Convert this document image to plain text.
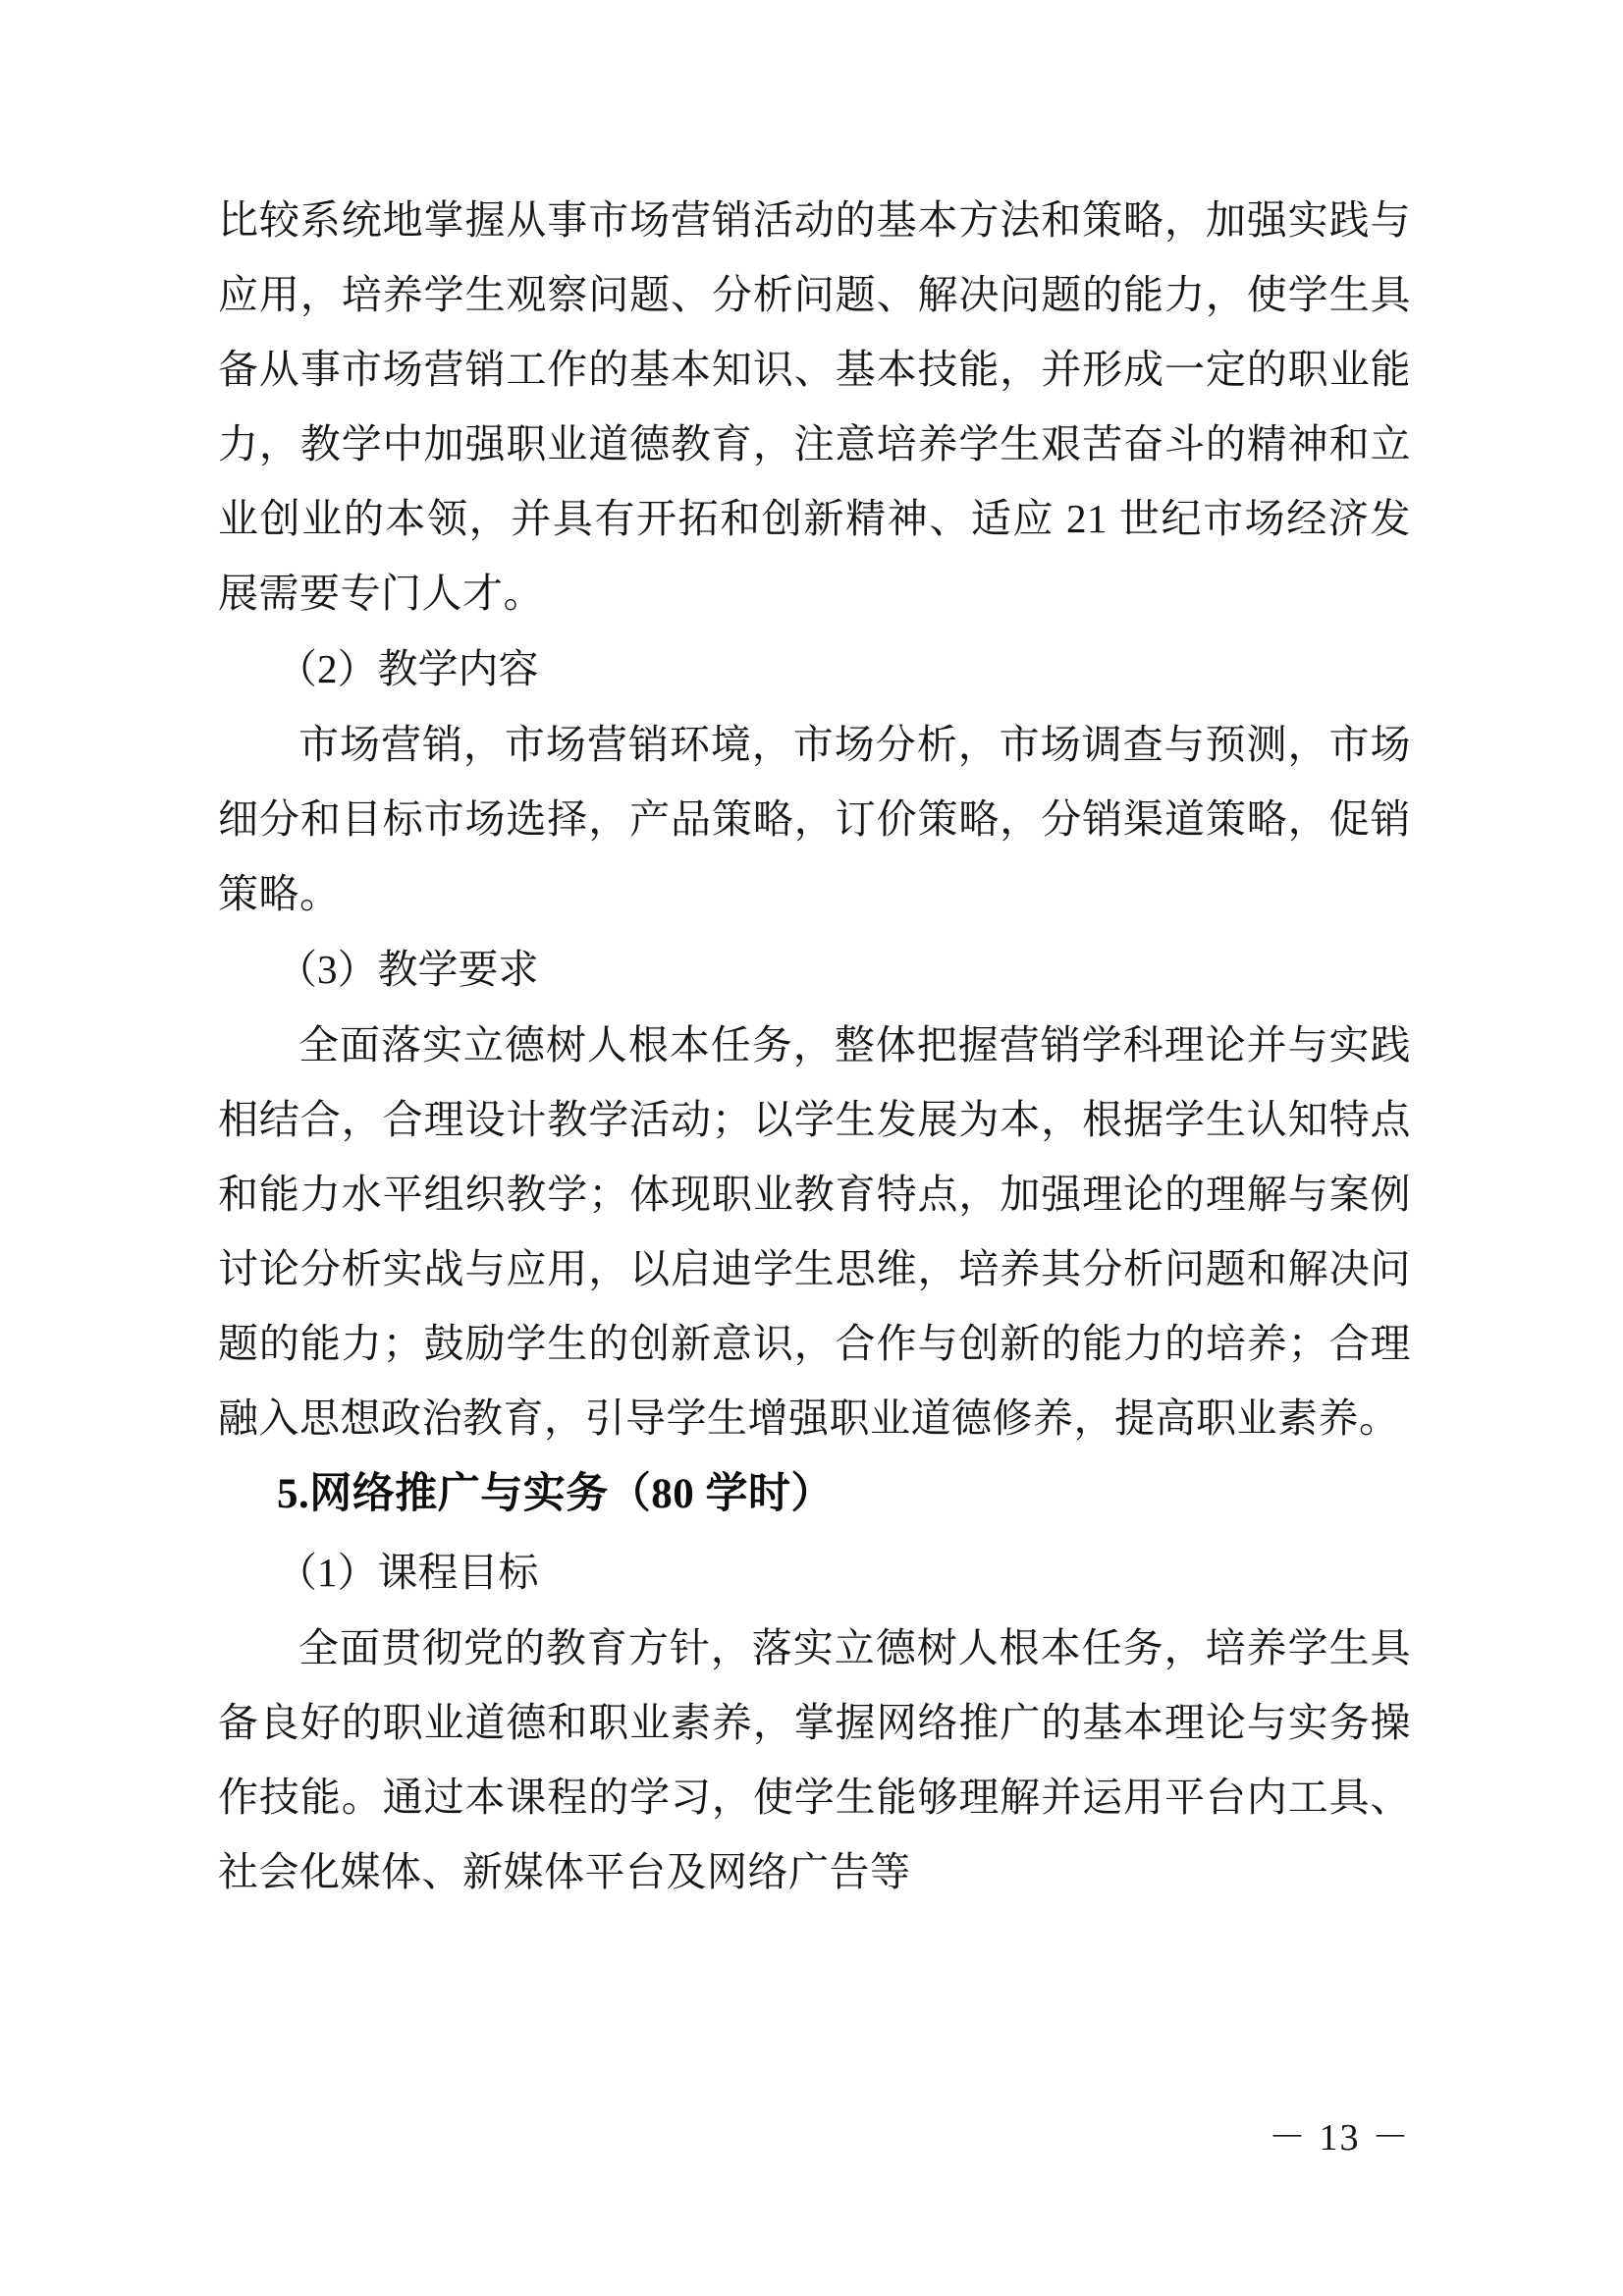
比较系统地掌握从事市场营销活动的基本方法和策略，加强实践与应用，培养学生观察问题、分析问题、解决问题的能力，使学生具备从事市场营销工作的基本知识、基本技能，并形成一定的职业能力，教学中加强职业道德教育，注意培养学生艰苦奋斗的精神和立业创业的本领，并具有开拓和创新精神、适应 21 世纪市场经济发展需要专门人才。

（2）教学内容

市场营销，市场营销环境，市场分析，市场调查与预测，市场细分和目标市场选择，产品策略，订价策略，分销渠道策略，促销策略。

（3）教学要求

全面落实立德树人根本任务，整体把握营销学科理论并与实践相结合，合理设计教学活动；以学生发展为本，根据学生认知特点和能力水平组织教学；体现职业教育特点，加强理论的理解与案例讨论分析实战与应用，以启迪学生思维，培养其分析问题和解决问题的能力；鼓励学生的创新意识，合作与创新的能力的培养；合理融入思想政治教育，引导学生增强职业道德修养，提高职业素养。

5.网络推广与实务（80 学时）

（1）课程目标

全面贯彻党的教育方针，落实立德树人根本任务，培养学生具备良好的职业道德和职业素养，掌握网络推广的基本理论与实务操作技能。通过本课程的学习，使学生能够理解并运用平台内工具、社会化媒体、新媒体平台及网络广告等

－ 13 －
